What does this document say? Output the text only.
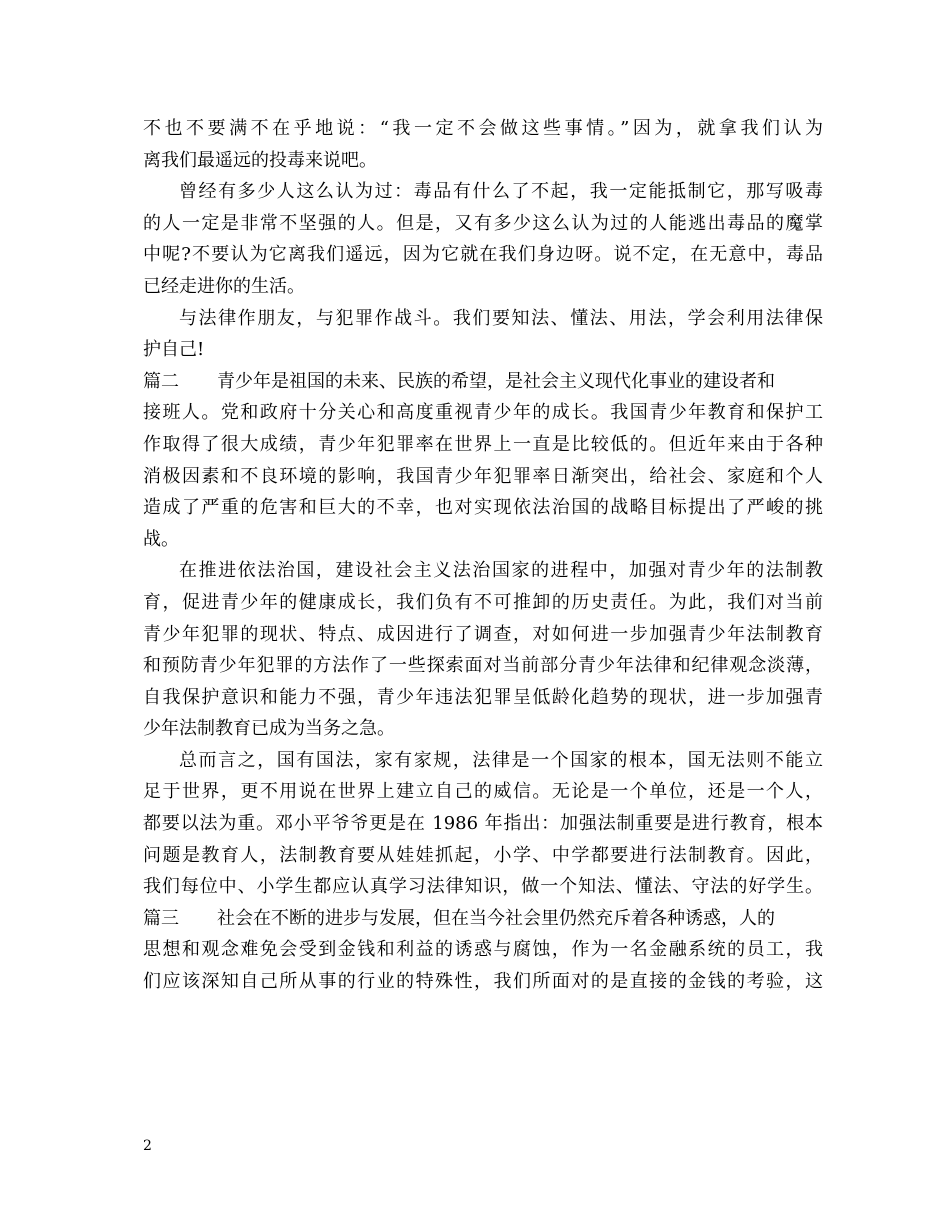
不也不要满不在乎地说：“我一定不会做这些事情。”因为，就拿我们认为
离我们最遥远的投毒来说吧。
曾经有多少人这么认为过：毒品有什么了不起，我一定能抵制它，那写吸毒
的人一定是非常不坚强的人。但是，又有多少这么认为过的人能逃出毒品的魔掌
中呢?不要认为它离我们遥远，因为它就在我们身边呀。说不定，在无意中，毒品
已经走进你的生活。
与法律作朋友，与犯罪作战斗。我们要知法、懂法、用法，学会利用法律保
护自己!
篇二 青少年是祖国的未来、民族的希望，是社会主义现代化事业的建设者和
接班人。党和政府十分关心和高度重视青少年的成长。我国青少年教育和保护工
作取得了很大成绩，青少年犯罪率在世界上一直是比较低的。但近年来由于各种
消极因素和不良环境的影响，我国青少年犯罪率日渐突出，给社会、家庭和个人
造成了严重的危害和巨大的不幸，也对实现依法治国的战略目标提出了严峻的挑
战。
在推进依法治国，建设社会主义法治国家的进程中，加强对青少年的法制教
育，促进青少年的健康成长，我们负有不可推卸的历史责任。为此，我们对当前
青少年犯罪的现状、特点、成因进行了调查，对如何进一步加强青少年法制教育
和预防青少年犯罪的方法作了一些探索面对当前部分青少年法律和纪律观念淡薄，
自我保护意识和能力不强，青少年违法犯罪呈低龄化趋势的现状，进一步加强青
少年法制教育已成为当务之急。
总而言之，国有国法，家有家规，法律是一个国家的根本，国无法则不能立
足于世界，更不用说在世界上建立自己的威信。无论是一个单位，还是一个人，
都要以法为重。邓小平爷爷更是在 1986 年指出：加强法制重要是进行教育，根本
问题是教育人，法制教育要从娃娃抓起，小学、中学都要进行法制教育。因此，
我们每位中、小学生都应认真学习法律知识，做一个知法、懂法、守法的好学生。
篇三 社会在不断的进步与发展，但在当今社会里仍然充斥着各种诱惑，人的
思想和观念难免会受到金钱和利益的诱惑与腐蚀，作为一名金融系统的员工，我
们应该深知自己所从事的行业的特殊性，我们所面对的是直接的金钱的考验，这
2
